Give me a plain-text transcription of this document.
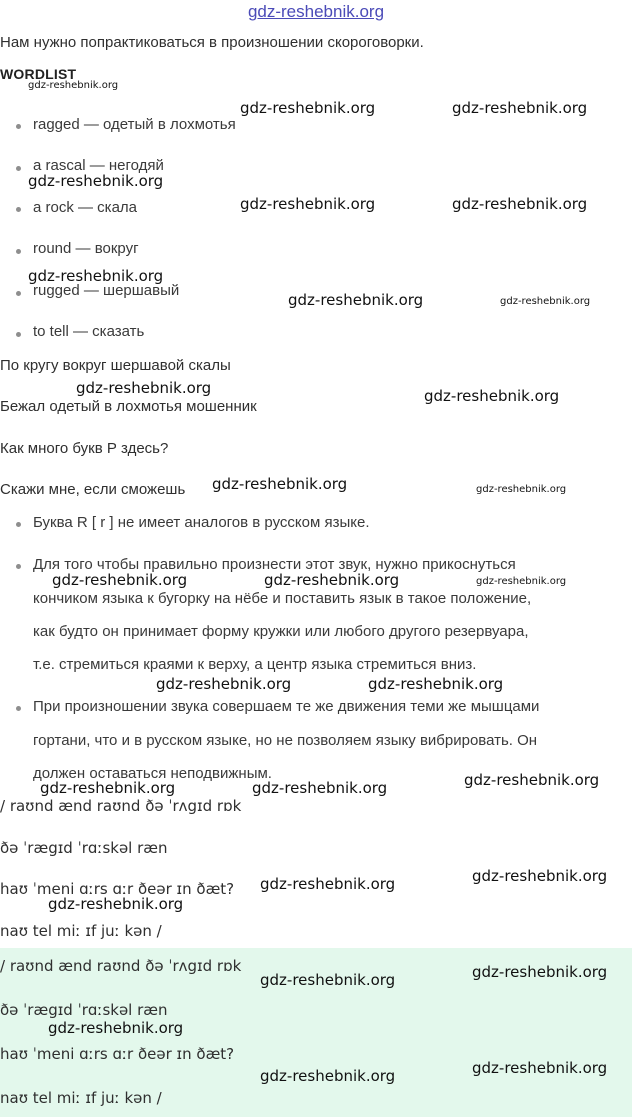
gdz-reshebnik.org
Нам нужно попрактиковаться в произношении скороговорки.
WORDLIST
ragged — одетый в лохмотья
a rascal — негодяй
a rock — скала
round — вокруг
rugged — шершавый
to tell — сказать
По кругу вокруг шершавой скалы
Бежал одетый в лохмотья мошенник
Как много букв Р здесь?
Скажи мне, если сможешь
Буква R [ r ] не имеет аналогов в русском языке.
Для того чтобы правильно произнести этот звук, нужно прикоснуться
кончиком языка к бугорку на нёбе и поставить язык в такое положение,
как будто он принимает форму кружки или любого другого резервуара,
т.е. стремиться краями к верху, а центр языка стремиться вниз.
При произношении звука совершаем те же движения теми же мышцами
гортани, что и в русском языке, но не позволяем языку вибрировать. Он
должен оставаться неподвижным.
/ raʊnd ænd raʊnd ðə ˈrʌgɪd rɒk
ðə ˈrægɪd ˈrɑːskəl ræn
haʊ ˈmeni ɑːrs ɑːr ðeər ɪn ðæt?
naʊ tel miː ɪf juː kən /
/ raʊnd ænd raʊnd ðə ˈrʌgɪd rɒk
ðə ˈrægɪd ˈrɑːskəl ræn
haʊ ˈmeni ɑːrs ɑːr ðeər ɪn ðæt?
naʊ tel miː ɪf juː kən /
gdz-reshebnik.org
gdz-reshebnik.org	gdz-reshebnik.org
gdz-reshebnik.org
gdz-reshebnik.org	gdz-reshebnik.org
gdz-reshebnik.org
gdz-reshebnik.org	gdz-reshebnik.org
gdz-reshebnik.org	gdz-reshebnik.org
gdz-reshebnik.org	gdz-reshebnik.org
gdz-reshebnik.org	gdz-reshebnik.org	gdz-reshebnik.org
gdz-reshebnik.org	gdz-reshebnik.org
gdz-reshebnik.org
gdz-reshebnik.org	gdz-reshebnik.org
gdz-reshebnik.org
gdz-reshebnik.org
gdz-reshebnik.org
gdz-reshebnik.org
gdz-reshebnik.org
gdz-reshebnik.org
gdz-reshebnik.org
gdz-reshebnik.org
